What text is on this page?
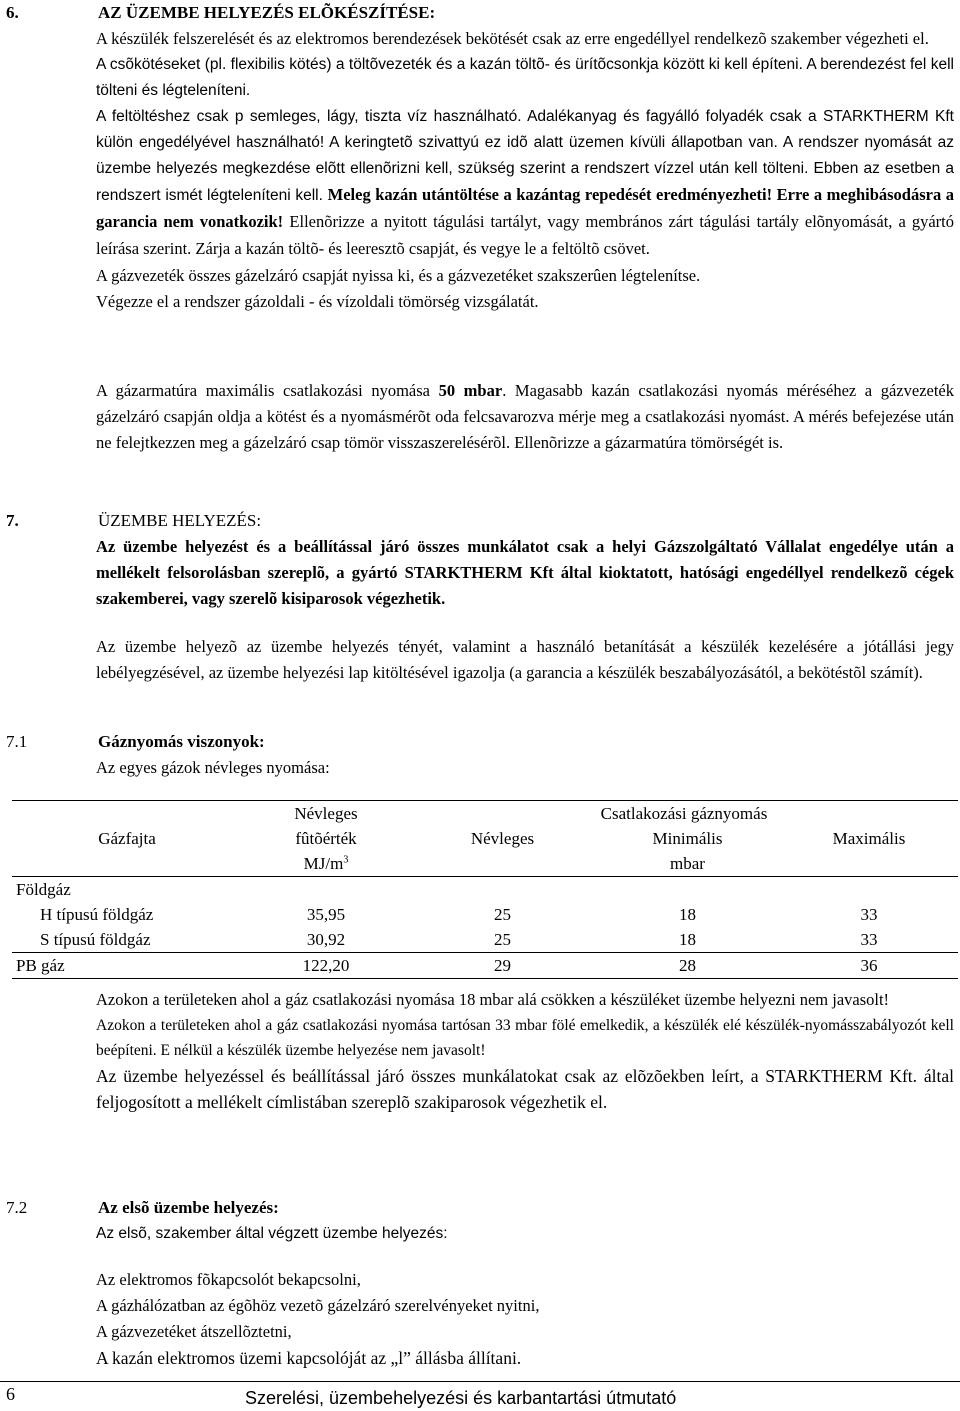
6.	AZ ÜZEMBE HELYEZÉS ELÕKÉSZÍTÉSE:

A készülék felszerelését és az elektromos berendezések bekötését csak az erre engedéllyel rendelkezõ szakember végezheti el.

A csõkötéseket (pl. flexibilis kötés) a töltõvezeték és a kazán töltõ- és ürítõcsonkja között ki kell építeni. A berendezést fel kell tölteni és légteleníteni.

A feltöltéshez csak p semleges, lágy, tiszta víz használható. Adalékanyag és fagyálló folyadék csak a STARKTHERM Kft külön engedélyével használható! A keringtetõ szivattyú ez idõ alatt üzemen kívüli állapotban van. A rendszer nyomását az üzembe helyezés megkezdése elõtt ellenõrizni kell, szükség szerint a rendszert vízzel után kell tölteni. Ebben az esetben a rendszert ismét légteleníteni kell. Meleg kazán utántöltése a kazántag repedését eredményezheti! Erre a meghibásodásra a garancia nem vonatkozik! Ellenõrizze a nyitott tágulási tartályt, vagy membrános zárt tágulási tartály elõnyomását, a gyártó leírása szerint. Zárja a kazán töltõ- és leeresztõ csapját, és vegye le a feltöltõ csövet.

A gázvezeték összes gázelzáró csapját nyissa ki, és a gázvezetéket szakszerûen légtelenítse.

Végezze el a rendszer gázoldali - és vízoldali tömörség vizsgálatát.

A gázarmatúra maximális csatlakozási nyomása 50 mbar. Magasabb kazán csatlakozási nyomás méréséhez a gázvezeték gázelzáró csapján oldja a kötést és a nyomásmérõt oda felcsavarozva mérje meg a csatlakozási nyomást. A mérés befejezése után ne felejtkezzen meg a gázelzáró csap tömör visszaszerelésérõl. Ellenõrizze a gázarmatúra tömörségét is.

7.	ÜZEMBE HELYEZÉS:

Az üzembe helyezést és a beállítással járó összes munkálatot csak a helyi Gázszolgáltató Vállalat engedélye után a mellékelt felsorolásban szereplõ, a gyártó STARKTHERM Kft által kioktatott, hatósági engedéllyel rendelkezõ cégek szakemberei, vagy szerelõ kisiparosok végezhetik.

Az üzembe helyezõ az üzembe helyezés tényét, valamint a használó betanítását a készülék kezelésére a jótállási jegy lebélyegzésével, az üzembe helyezési lap kitöltésével igazolja (a garancia a készülék beszabályozásától, a bekötéstõl számít).

7.1	Gáznyomás viszonyok:

Az egyes gázok névleges nyomása:

	Névleges	Csatlakozási gáznyomás		
Gázfajta	fûtõérték	Névleges	Minimális	Maximális
	$MJ/m^3$		mbar	
Földgáz				
H típusú földgáz	35,95	25	18	33
S típusú földgáz	30,92	25	18	33
PB gáz	122,20	29	28	36

Azokon a területeken ahol a gáz csatlakozási nyomása 18 mbar alá csökken a készüléket üzembe helyezni nem javasolt!

Azokon a területeken ahol a gáz csatlakozási nyomása tartósan 33 mbar fölé emelkedik, a készülék elé készülék-nyomásszabályozót kell beépíteni. E nélkül a készülék üzembe helyezése nem javasolt!

Az üzembe helyezéssel és beállítással járó összes munkálatokat csak az elõzõekben leírt, a STARKTHERM Kft. által feljogosított a mellékelt címlistában szereplõ szakiparosok végezhetik el.

7.2	Az elsõ üzembe helyezés:

Az elsõ, szakember által végzett üzembe helyezés:

Az elektromos fõkapcsolót bekapcsolni,

A gázhálózatban az égõhöz vezetõ gázelzáró szerelvényeket nyitni,

A gázvezetéket átszellõztetni,

A kazán elektromos üzemi kapcsolóját az „l” állásba állítani.

6	Szerelési, üzembehelyezési és karbantartási útmutató
